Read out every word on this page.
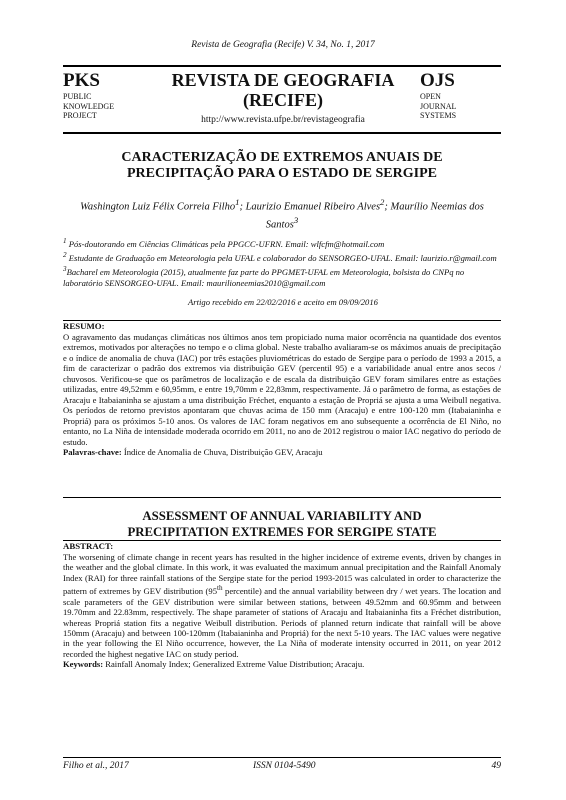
Revista de Geografia (Recife) V. 34, No. 1, 2017
PKS
PUBLIC
KNOWLEDGE
PROJECT
REVISTA DE GEOGRAFIA
(RECIFE)
http://www.revista.ufpe.br/revistageografia
OJS
OPEN
JOURNAL
SYSTEMS
CARACTERIZAÇÃO DE EXTREMOS ANUAIS DE
PRECIPITAÇÃO PARA O ESTADO DE SERGIPE
Washington Luiz Félix Correia Filho$^1$; Laurizio Emanuel Ribeiro Alves$^2$; Maurílio Neemias dos Santos$^3$

$^1$ Pós-doutorando em Ciências Climáticas pela PPGCC-UFRN. Email: wlfcfm@hotmail.com

$^2$ Estudante de Graduação em Meteorologia pela UFAL e colaborador do SENSORGEO-UFAL. Email: laurizio.r@gmail.com

$^3$Bacharel em Meteorologia (2015), atualmente faz parte do PPGMET-UFAL em Meteorologia, bolsista do CNPq no laboratório SENSORGEO-UFAL. Email: maurilioneemias2010@gmail.com

Artigo recebido em 22/02/2016 e aceito em 09/09/2016
RESUMO:
O agravamento das mudanças climáticas nos últimos anos tem propiciado numa maior ocorrência na quantidade dos eventos extremos, motivados por alterações no tempo e o clima global. Neste trabalho avaliaram-se os máximos anuais de precipitação e o índice de anomalia de chuva (IAC) por três estações pluviométricas do estado de Sergipe para o período de 1993 a 2015, a fim de caracterizar o padrão dos extremos via distribuição GEV (percentil 95) e a variabilidade anual entre anos secos / chuvosos. Verificou-se que os parâmetros de localização e de escala da distribuição GEV foram similares entre as estações utilizadas, entre 49,52mm e 60,95mm, e entre 19,70mm e 22,83mm, respectivamente. Já o parâmetro de forma, as estações de Aracaju e Itabaianinha se ajustam a uma distribuição Fréchet, enquanto a estação de Propriá se ajusta a uma Weibull negativa. Os períodos de retorno previstos apontaram que chuvas acima de 150 mm (Aracaju) e entre 100-120 mm (Itabaianinha e Propriá) para os próximos 5-10 anos. Os valores de IAC foram negativos em ano subsequente a ocorrência de El Niño, no entanto, no La Niña de intensidade moderada ocorrido em 2011, no ano de 2012 registrou o maior IAC negativo do período de estudo.
Palavras-chave: Índice de Anomalia de Chuva, Distribuição GEV, Aracaju
ASSESSMENT OF ANNUAL VARIABILITY AND
PRECIPITATION EXTREMES FOR SERGIPE STATE
ABSTRACT:
The worsening of climate change in recent years has resulted in the higher incidence of extreme events, driven by changes in the weather and the global climate. In this work, it was evaluated the maximum annual precipitation and the Rainfall Anomaly Index (RAI) for three rainfall stations of the Sergipe state for the period 1993-2015 was calculated in order to characterize the pattern of extremes by GEV distribution (95th percentile) and the annual variability between dry / wet years. The location and scale parameters of the GEV distribution were similar between stations, between 49.52mm and 60.95mm and between 19.70mm and 22.83mm, respectively. The shape parameter of stations of Aracaju and Itabaianinha fits a Fréchet distribution, whereas Propriá station fits a negative Weibull distribution. Periods of planned return indicate that rainfall will be above 150mm (Aracaju) and between 100-120mm (Itabaianinha and Propriá) for the next 5-10 years. The IAC values were negative in the year following the El Niño occurrence, however, the La Niña of moderate intensity occurred in 2011, on year 2012 recorded the highest negative IAC on study period.
Keywords: Rainfall Anomaly Index; Generalized Extreme Value Distribution; Aracaju.
Filho et al., 2017	ISSN 0104-5490	49
